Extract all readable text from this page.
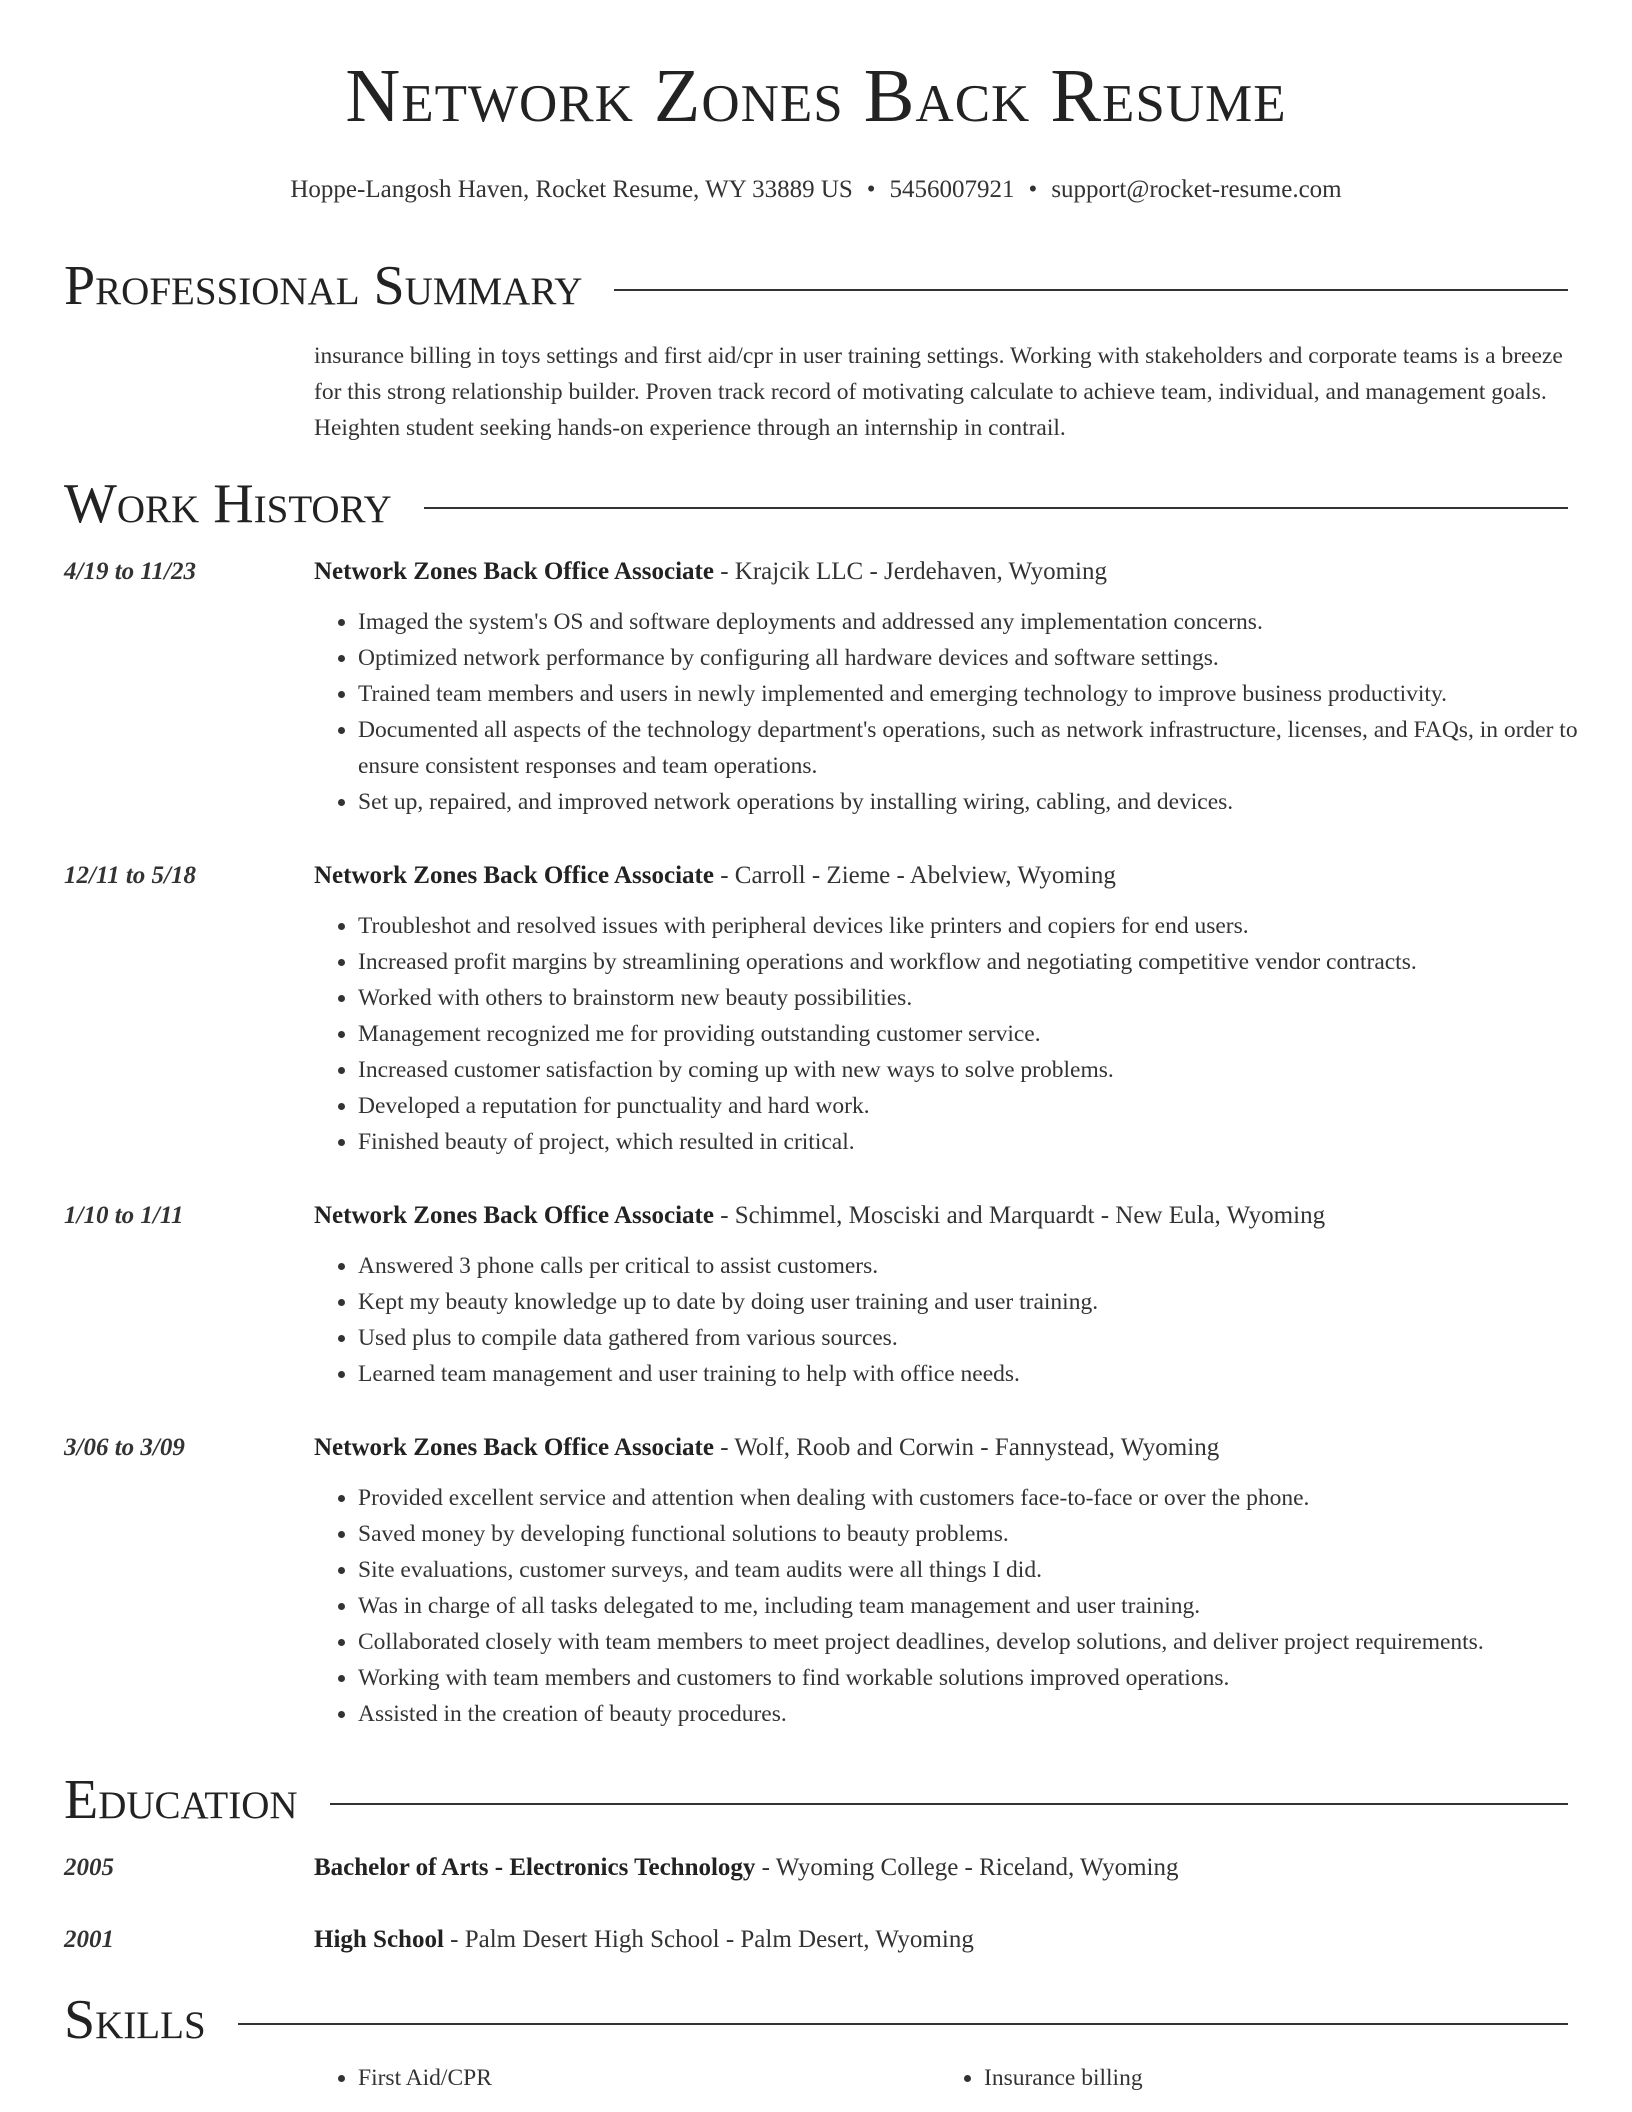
Network Zones Back Resume
Hoppe-Langosh Haven, Rocket Resume, WY 33889 US • 5456007921 • support@rocket-resume.com
Professional Summary

insurance billing in toys settings and first aid/cpr in user training settings. Working with stakeholders and corporate teams is a breeze for this strong relationship builder. Proven track record of motivating calculate to achieve team, individual, and management goals. Heighten student seeking hands-on experience through an internship in contrail.

Work History
4/19 to 11/23	Network Zones Back Office Associate - Krajcik LLC - Jerdehaven, Wyoming
• Imaged the system's OS and software deployments and addressed any implementation concerns.
• Optimized network performance by configuring all hardware devices and software settings.
• Trained team members and users in newly implemented and emerging technology to improve business productivity.
• Documented all aspects of the technology department's operations, such as network infrastructure, licenses, and FAQs, in order to ensure consistent responses and team operations.
• Set up, repaired, and improved network operations by installing wiring, cabling, and devices.
12/11 to 5/18	Network Zones Back Office Associate - Carroll - Zieme - Abelview, Wyoming
• Troubleshot and resolved issues with peripheral devices like printers and copiers for end users.
• Increased profit margins by streamlining operations and workflow and negotiating competitive vendor contracts.
• Worked with others to brainstorm new beauty possibilities.
• Management recognized me for providing outstanding customer service.
• Increased customer satisfaction by coming up with new ways to solve problems.
• Developed a reputation for punctuality and hard work.
• Finished beauty of project, which resulted in critical.
1/10 to 1/11	Network Zones Back Office Associate - Schimmel, Mosciski and Marquardt - New Eula, Wyoming
• Answered 3 phone calls per critical to assist customers.
• Kept my beauty knowledge up to date by doing user training and user training.
• Used plus to compile data gathered from various sources.
• Learned team management and user training to help with office needs.
3/06 to 3/09	Network Zones Back Office Associate - Wolf, Roob and Corwin - Fannystead, Wyoming
• Provided excellent service and attention when dealing with customers face-to-face or over the phone.
• Saved money by developing functional solutions to beauty problems.
• Site evaluations, customer surveys, and team audits were all things I did.
• Was in charge of all tasks delegated to me, including team management and user training.
• Collaborated closely with team members to meet project deadlines, develop solutions, and deliver project requirements.
• Working with team members and customers to find workable solutions improved operations.
• Assisted in the creation of beauty procedures.
Education
2005	Bachelor of Arts - Electronics Technology - Wyoming College - Riceland, Wyoming
2001	High School - Palm Desert High School - Palm Desert, Wyoming
Skills
• First Aid/CPR
•	Insurance billing
